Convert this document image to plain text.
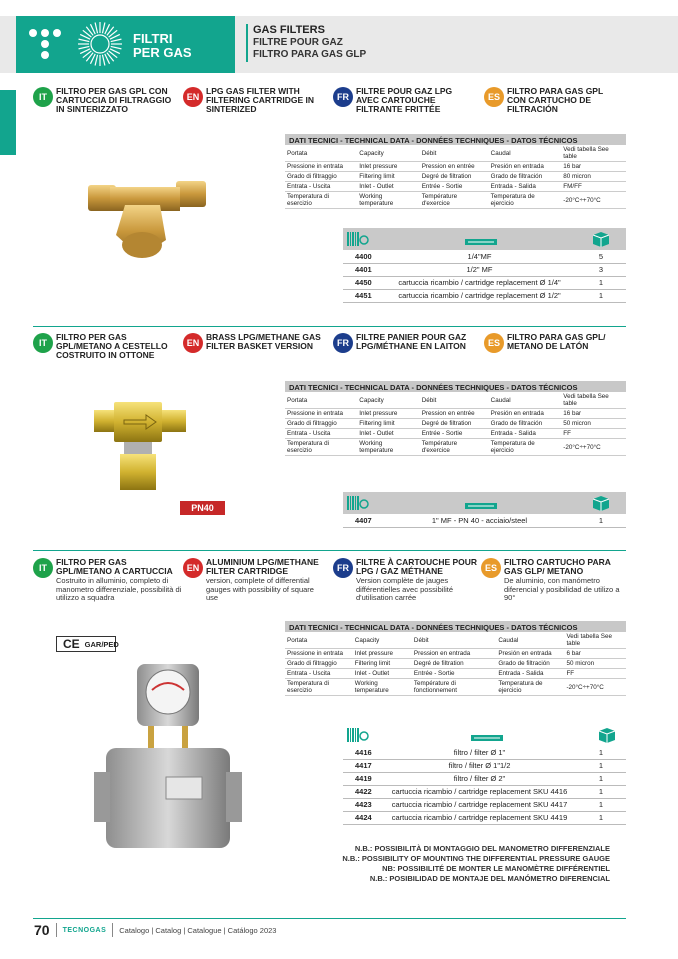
FILTRI
PER GAS
GAS FILTERS
FILTRE POUR GAZ
FILTRO PARA GAS GLP
IT
FILTRO PER GAS GPL CON CARTUCCIA DI FILTRAGGIO IN SINTERIZZATO
EN
LPG GAS FILTER WITH FILTERING CARTRIDGE IN SINTERIZED
FR
FILTRE POUR GAZ LPG AVEC CARTOUCHE FILTRANTE FRITTÉE
ES
FILTRO PARA GAS GPL CON CARTUCHO DE FILTRACIÓN
DATI TECNICI - TECHNICAL DATA - DONNÉES TECHNIQUES - DATOS TÉCNICOS
Portata	Capacity	Débit	Caudal	Vedi tabella See table
Pressione in entrata	Inlet pressure	Pression en entrée	Presión en entrada	16 bar
Grado di filtraggio	Filtering limit	Degré de filtration	Grado de filtración	80 micron
Entrata - Uscita	Inlet - Outlet	Entrée - Sortie	Entrada - Salida	FM/FF
Temperatura di esercizio	Working temperature	Température d'exercice	Temperatura de ejercicio	-20°C÷+70°C
4400	1/4"MF	5
4401	1/2" MF	3
4450	cartuccia ricambio / cartridge replacement Ø 1/4"	1
4451	cartuccia ricambio / cartridge replacement Ø 1/2"	1
IT
FILTRO PER GAS GPL/METANO A CESTELLO COSTRUITO IN OTTONE
EN
BRASS LPG/METHANE GAS FILTER BASKET VERSION	FR
FILTRE PANIER POUR GAZ LPG/MÉTHANE EN LAITON	ES
FILTRO PARA GAS GPL/ METANO DE LATÓN
PN40
DATI TECNICI - TECHNICAL DATA - DONNÉES TECHNIQUES - DATOS TÉCNICOS
Portata	Capacity	Débit	Caudal	Vedi tabella See table
Pressione in entrata	Inlet pressure	Pression en entrée	Presión en entrada	16 bar
Grado di filtraggio	Filtering limit	Degré de filtration	Grado de filtración	50 micron
Entrata - Uscita	Inlet - Outlet	Entrée - Sortie	Entrada - Salida	FF
Temperatura di esercizio	Working temperature	Température d'exercice	Temperatura de ejercicio	-20°C÷+70°C
4407	1" MF - PN 40 - acciaio/steel	1
IT
FILTRO PER GAS GPL/METANO A CARTUCCIA
Costruito in alluminio, completo di manometro differenziale, possibilità di utilizzo a squadra
EN
ALUMINIUM LPG/METHANE FILTER CARTRIDGE
version, complete of differential gauges with possibility of square use
FR
FILTRE À CARTOUCHE POUR LPG / GAZ MÉTHANE
Version complète de jauges différentielles avec possibilité d'utilisation carrée
ES
FILTRO CARTUCHO PARA GAS GLP/ METANO
De aluminio, con manómetro diferencial y posibilidad de utilizo a 90°
CE GAR/PED
DATI TECNICI - TECHNICAL DATA - DONNÉES TECHNIQUES - DATOS TÉCNICOS
Portata	Capacity	Débit	Caudal	Vedi tabella See table
Pressione in entrata	Inlet pressure	Pression en entrada	Presión en entrada	6 bar
Grado di filtraggio	Filtering limit	Degré de filtration	Grado de filtración	50 micron
Entrata - Uscita	Inlet - Outlet	Entrée - Sortie	Entrada - Salida	FF
Temperatura di esercizio	Working temperature	Température di fonctionnement	Temperatura de ejercicio	-20°C÷+70°C
4416	filtro / filter Ø 1"	1
4417	filtro / filter Ø 1"1/2	1
4419	filtro / filter Ø 2"	1
4422	cartuccia ricambio / cartridge replacement SKU 4416	1
4423	cartuccia ricambio / cartridge replacement SKU 4417	1
4424	cartuccia ricambio / cartridge replacement SKU 4419	1
N.B.: POSSIBILITÀ DI MONTAGGIO DEL MANOMETRO DIFFERENZIALE
N.B.: POSSIBILITY OF MOUNTING THE DIFFERENTIAL PRESSURE GAUGE
NB: POSSIBILITÉ DE MONTER LE MANOMÈTRE DIFFÉRENTIEL
N.B.: POSIBILIDAD DE MONTAJE DEL MANÓMETRO DIFERENCIAL
70 TECNOGAS Catalogo | Catalog | Catalogue | Catálogo 2023
